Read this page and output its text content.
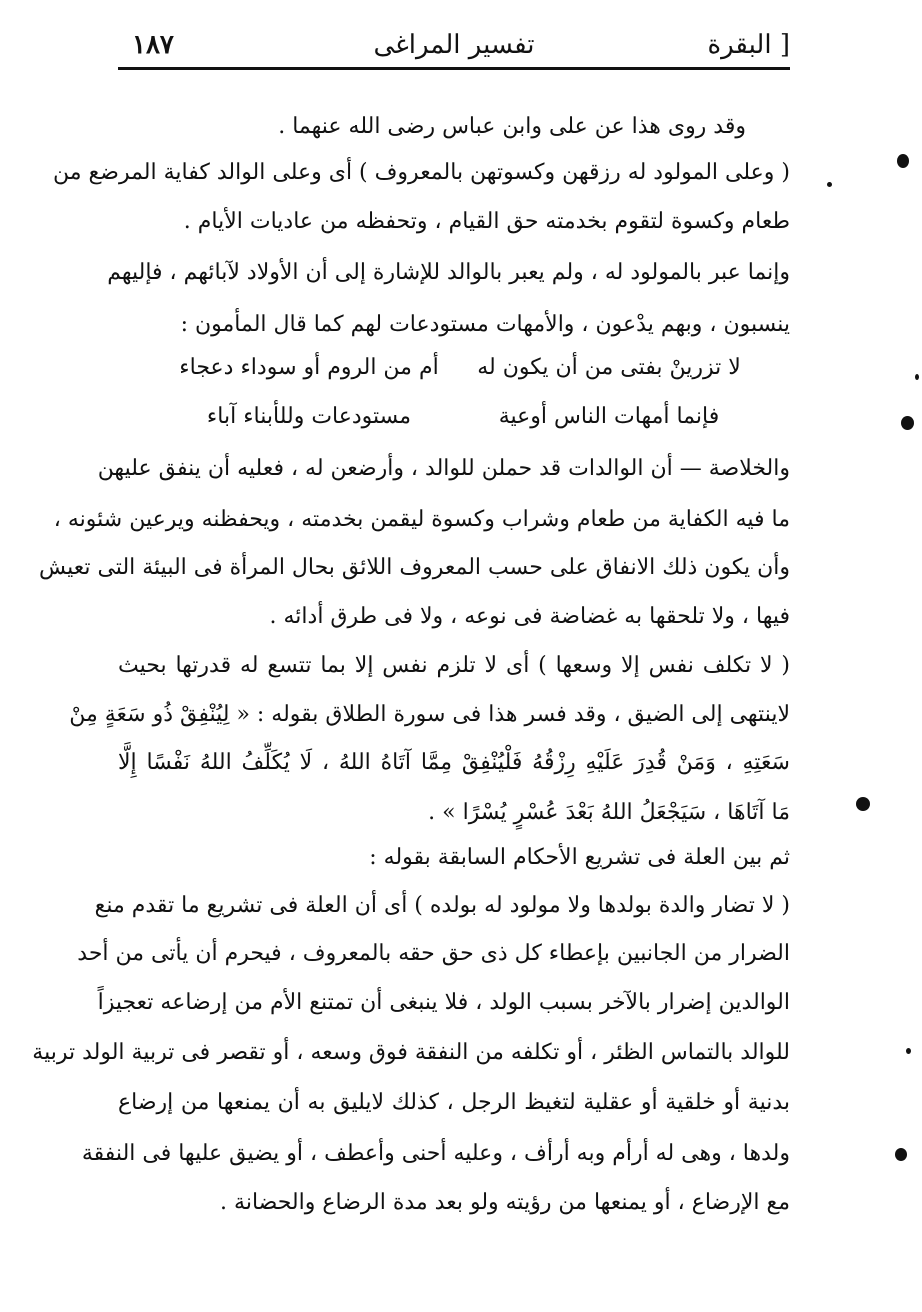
البقرة ]
تفسير المراغى
١٨٧
وقد روى هذا عن على وابن عباس رضى الله عنهما .
( وعلى المولود له رزقهن وكسوتهن بالمعروف ) أى وعلى الوالد كفاية المرضع من
طعام وكسوة لتقوم بخدمته حق القيام ، وتحفظه من عاديات الأيام .
وإنما عبر بالمولود له ، ولم يعبر بالوالد للإشارة إلى أن الأولاد لآبائهم ، فإليهم
ينسبون ، وبهم يدْعون ، والأمهات مستودعات لهم كما قال المأمون :
لا تزرينْ بفتى من أن يكون له
أم من الروم أو سوداء دعجاء
فإنما أمهات الناس أوعية
مستودعات وللأبناء آباء
والخلاصة — أن الوالدات قد حملن للوالد ، وأرضعن له ، فعليه أن ينفق عليهن
ما فيه الكفاية من طعام وشراب وكسوة ليقمن بخدمته ، ويحفظنه ويرعين شئونه ،
وأن يكون ذلك الانفاق على حسب المعروف اللائق بحال المرأة فى البيئة التى تعيش
فيها ، ولا تلحقها به غضاضة فى نوعه ، ولا فى طرق أدائه .
( لا تكلف نفس إلا وسعها ) أى لا تلزم نفس إلا بما تتسع له قدرتها بحيث
لاينتهى إلى الضيق ، وقد فسر هذا فى سورة الطلاق بقوله : « لِيُنْفِقْ ذُو سَعَةٍ مِنْ
سَعَتِهِ ، وَمَنْ قُدِرَ عَلَيْهِ رِزْقُهُ فَلْيُنْفِقْ مِمَّا آتَاهُ اللهُ ، لَا يُكَلِّفُ اللهُ نَفْسًا إِلَّا
مَا آتَاهَا ، سَيَجْعَلُ اللهُ بَعْدَ عُسْرٍ يُسْرًا » .
ثم بين العلة فى تشريع الأحكام السابقة بقوله :
( لا تضار والدة بولدها ولا مولود له بولده ) أى أن العلة فى تشريع ما تقدم منع
الضرار من الجانبين بإعطاء كل ذى حق حقه بالمعروف ، فيحرم أن يأتى من أحد
الوالدين إضرار بالآخر بسبب الولد ، فلا ينبغى أن تمتنع الأم من إرضاعه تعجيزاً
للوالد بالتماس الظئر ، أو تكلفه من النفقة فوق وسعه ، أو تقصر فى تربية الولد تربية
بدنية أو خلقية أو عقلية لتغيظ الرجل ، كذلك لايليق به أن يمنعها من إرضاع
ولدها ، وهى له أرأم وبه أرأف ، وعليه أحنى وأعطف ، أو يضيق عليها فى النفقة
مع الإرضاع ، أو يمنعها من رؤيته ولو بعد مدة الرضاع والحضانة .
